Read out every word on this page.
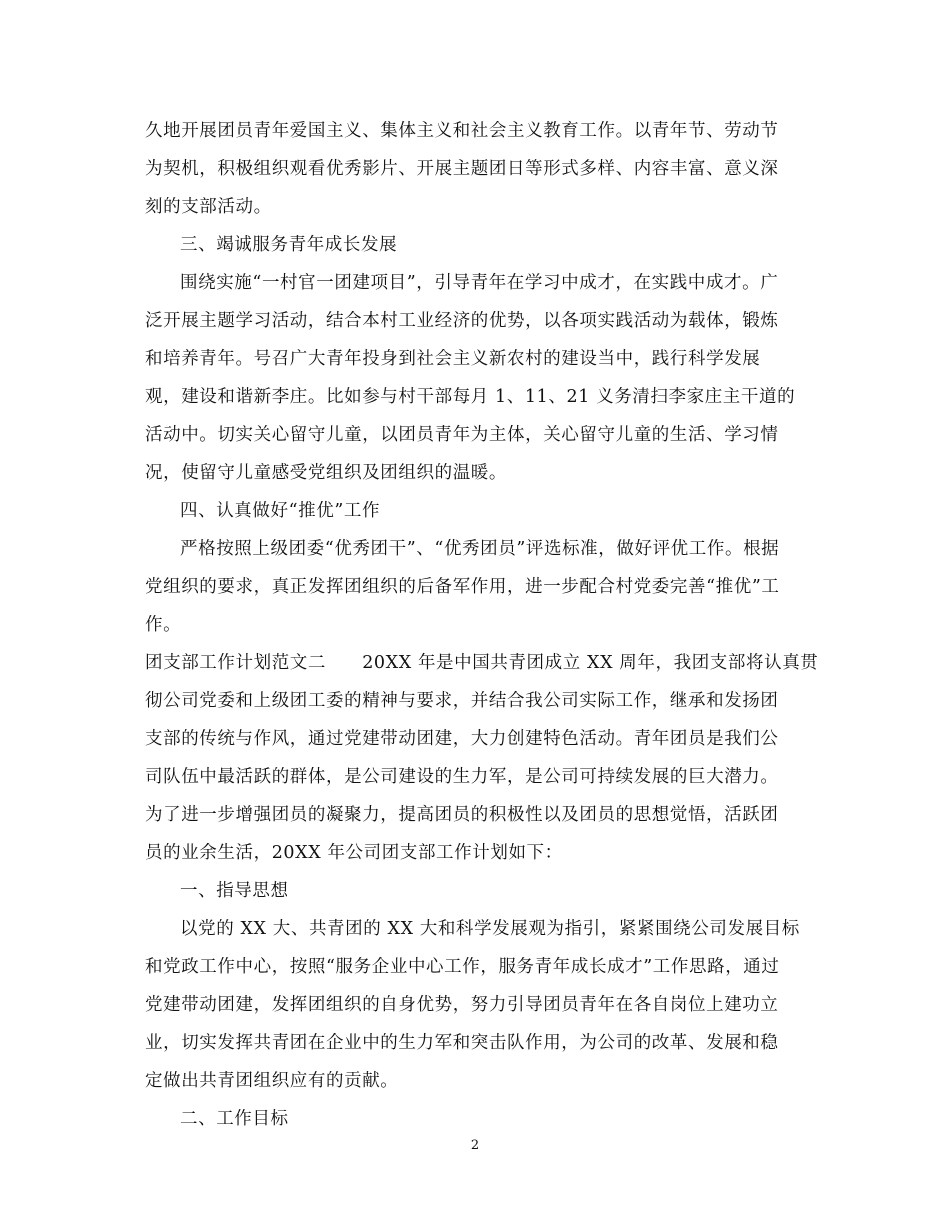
久地开展团员青年爱国主义、集体主义和社会主义教育工作。以青年节、劳动节
为契机，积极组织观看优秀影片、开展主题团日等形式多样、内容丰富、意义深
刻的支部活动。
三、竭诚服务青年成长发展
围绕实施“一村官一团建项目”，引导青年在学习中成才，在实践中成才。广
泛开展主题学习活动，结合本村工业经济的优势，以各项实践活动为载体，锻炼
和培养青年。号召广大青年投身到社会主义新农村的建设当中，践行科学发展
观，建设和谐新李庄。比如参与村干部每月 1、11、21 义务清扫李家庄主干道的
活动中。切实关心留守儿童，以团员青年为主体，关心留守儿童的生活、学习情
况，使留守儿童感受党组织及团组织的温暖。
四、认真做好“推优”工作
严格按照上级团委“优秀团干”、“优秀团员”评选标准，做好评优工作。根据
党组织的要求，真正发挥团组织的后备军作用，进一步配合村党委完善“推优”工
作。
团支部工作计划范文二　　20XX 年是中国共青团成立 XX 周年，我团支部将认真贯
彻公司党委和上级团工委的精神与要求，并结合我公司实际工作，继承和发扬团
支部的传统与作风，通过党建带动团建，大力创建特色活动。青年团员是我们公
司队伍中最活跃的群体，是公司建设的生力军，是公司可持续发展的巨大潜力。
为了进一步增强团员的凝聚力，提高团员的积极性以及团员的思想觉悟，活跃团
员的业余生活，20XX 年公司团支部工作计划如下：
一、指导思想
以党的 XX 大、共青团的 XX 大和科学发展观为指引，紧紧围绕公司发展目标
和党政工作中心，按照“服务企业中心工作，服务青年成长成才”工作思路，通过
党建带动团建，发挥团组织的自身优势，努力引导团员青年在各自岗位上建功立
业，切实发挥共青团在企业中的生力军和突击队作用，为公司的改革、发展和稳
定做出共青团组织应有的贡献。
二、工作目标
2
